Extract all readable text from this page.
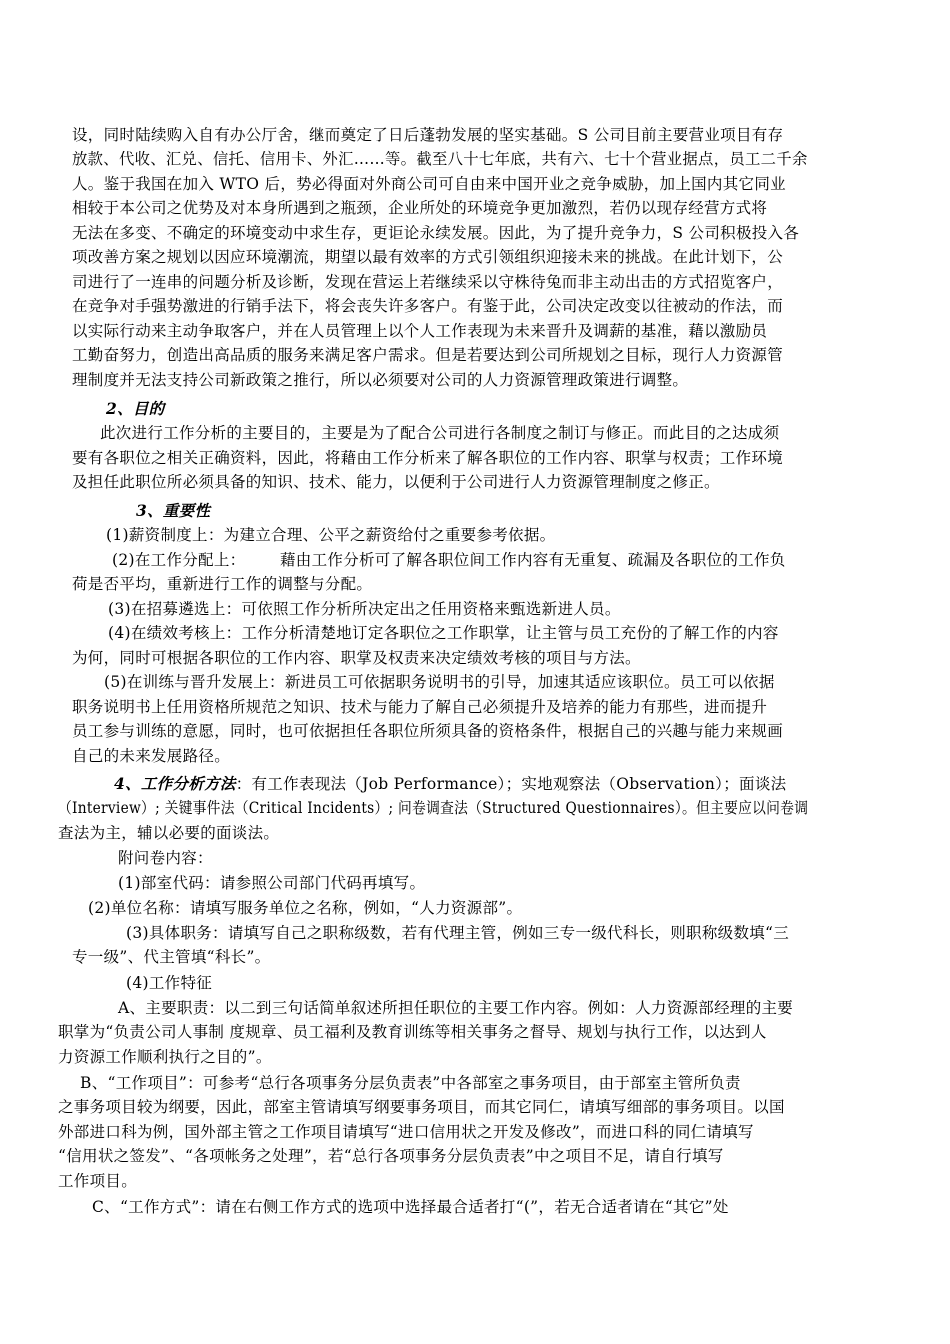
设，同时陆续购入自有办公厅舍，继而奠定了日后蓬勃发展的坚实基础。S 公司目前主要营业项目有存
放款、代收、汇兑、信托、信用卡、外汇……等。截至八十七年底，共有六、七十个营业据点，员工二千余
人。鉴于我国在加入 WTO 后，势必得面对外商公司可自由来中国开业之竞争威胁，加上国内其它同业
相较于本公司之优势及对本身所遇到之瓶颈，企业所处的环境竞争更加激烈，若仍以现存经营方式将
无法在多变、不确定的环境变动中求生存，更讵论永续发展。因此，为了提升竞争力，S 公司积极投入各
项改善方案之规划以因应环境潮流，期望以最有效率的方式引领组织迎接未来的挑战。在此计划下，公
司进行了一连串的问题分析及诊断，发现在营运上若继续采以守株待兔而非主动出击的方式招览客户，
在竞争对手强势激进的行销手法下，将会丧失许多客户。有鉴于此，公司决定改变以往被动的作法，而
以实际行动来主动争取客户，并在人员管理上以个人工作表现为未来晋升及调薪的基准，藉以激励员
工勤奋努力，创造出高品质的服务来满足客户需求。但是若要达到公司所规划之目标，现行人力资源管
理制度并无法支持公司新政策之推行，所以必须要对公司的人力资源管理政策进行调整。
2、目的
此次进行工作分析的主要目的，主要是为了配合公司进行各制度之制订与修正。而此目的之达成须
要有各职位之相关正确资料，因此，将藉由工作分析来了解各职位的工作内容、职掌与权责；工作环境
及担任此职位所必须具备的知识、技术、能力，以便利于公司进行人力资源管理制度之修正。
3、重要性
(1)薪资制度上：为建立合理、公平之薪资给付之重要参考依据。
(2)在工作分配上： 藉由工作分析可了解各职位间工作内容有无重复、疏漏及各职位的工作负
荷是否平均，重新进行工作的调整与分配。
(3)在招募遴选上：可依照工作分析所决定出之任用资格来甄选新进人员。
(4)在绩效考核上：工作分析清楚地订定各职位之工作职掌，让主管与员工充份的了解工作的内容
为何，同时可根据各职位的工作内容、职掌及权责来决定绩效考核的项目与方法。
(5)在训练与晋升发展上：新进员工可依据职务说明书的引导，加速其适应该职位。员工可以依据
职务说明书上任用资格所规范之知识、技术与能力了解自己必须提升及培养的能力有那些，进而提升
员工参与训练的意愿，同时，也可依据担任各职位所须具备的资格条件，根据自己的兴趣与能力来规画
自己的未来发展路径。
4、工作分析方法：有工作表现法（Job Performance）；实地观察法（Observation）；面谈法
（Interview）; 关键事件法（Critical Incidents）; 问卷调查法（Structured Questionnaires）。但主要应以问卷调
查法为主，辅以必要的面谈法。
附问卷内容：
(1)部室代码：请参照公司部门代码再填写。
(2)单位名称：请填写服务单位之名称，例如，“人力资源部”。
(3)具体职务：请填写自己之职称级数，若有代理主管，例如三专一级代科长，则职称级数填“三
专一级”、代主管填“科长”。
(4)工作特征
A、主要职责：以二到三句话简单叙述所担任职位的主要工作内容。例如：人力资源部经理的主要
职掌为“负责公司人事制 度规章、员工福利及教育训练等相关事务之督导、规划与执行工作，以达到人
力资源工作顺利执行之目的”。
B、“工作项目”：可参考“总行各项事务分层负责表”中各部室之事务项目，由于部室主管所负责
之事务项目较为纲要，因此，部室主管请填写纲要事务项目，而其它同仁，请填写细部的事务项目。以国
外部进口科为例，国外部主管之工作项目请填写“进口信用状之开发及修改”，而进口科的同仁请填写
“信用状之签发”、“各项帐务之处理”，若“总行各项事务分层负责表”中之项目不足，请自行填写
工作项目。
C、“工作方式”：请在右侧工作方式的选项中选择最合适者打“(”，若无合适者请在“其它”处
